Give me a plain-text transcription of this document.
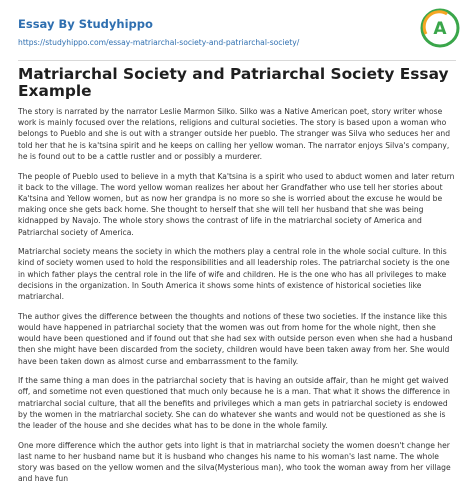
Essay By Studyhippo
https://studyhippo.com/essay-matriarchal-society-and-patriarchal-society/
A
Matriarchal Society and Patriarchal Society Essay Example

The story is narrated by the narrator Leslie Marmon Silko. Silko was a Native American poet, story writer whose work is mainly focused over the relations, religions and cultural societies. The story is based upon a woman who belongs to Pueblo and she is out with a stranger outside her pueblo. The stranger was Silva who seduces her and told her that he is ka'tsina spirit and he keeps on calling her yellow woman. The narrator enjoys Silva's company, he is found out to be a cattle rustler and or possibly a murderer.

The people of Pueblo used to believe in a myth that Ka'tsina is a spirit who used to abduct women and later return it back to the village. The word yellow woman realizes her about her Grandfather who use tell her stories about Ka'tsina and Yellow women, but as now her grandpa is no more so she is worried about the excuse he would be making once she gets back home. She thought to herself that she will tell her husband that she was being kidnapped by Navajo. The whole story shows the contrast of life in the matriarchal society of America and Patriarchal society of America.

Matriarchal society means the society in which the mothers play a central role in the whole social culture. In this kind of society women used to hold the responsibilities and all leadership roles. The patriarchal society is the one in which father plays the central role in the life of wife and children. He is the one who has all privileges to make decisions in the organization. In South America it shows some hints of existence of historical societies like matriarchal.

The author gives the difference between the thoughts and notions of these two societies. If the instance like this would have happened in patriarchal society that the women was out from home for the whole night, then she would have been questioned and if found out that she had sex with outside person even when she had a husband then she might have been discarded from the society, children would have been taken away from her. She would have been taken down as almost curse and embarrassment to the family.

If the same thing a man does in the patriarchal society that is having an outside affair, than he might get waived off, and sometime not even questioned that much only because he is a man. That what it shows the difference in matriarchal social culture, that all the benefits and privileges which a man gets in patriarchal society is endowed by the women in the matriarchal society. She can do whatever she wants and would not be questioned as she is the leader of the house and she decides what has to be done in the whole family.

One more difference which the author gets into light is that in matriarchal society the women doesn't change her last name to her husband name but it is husband who changes his name to his woman's last name. The whole story was based on the yellow women and the silva(Mysterious man), who took the woman away from her village and have fun
